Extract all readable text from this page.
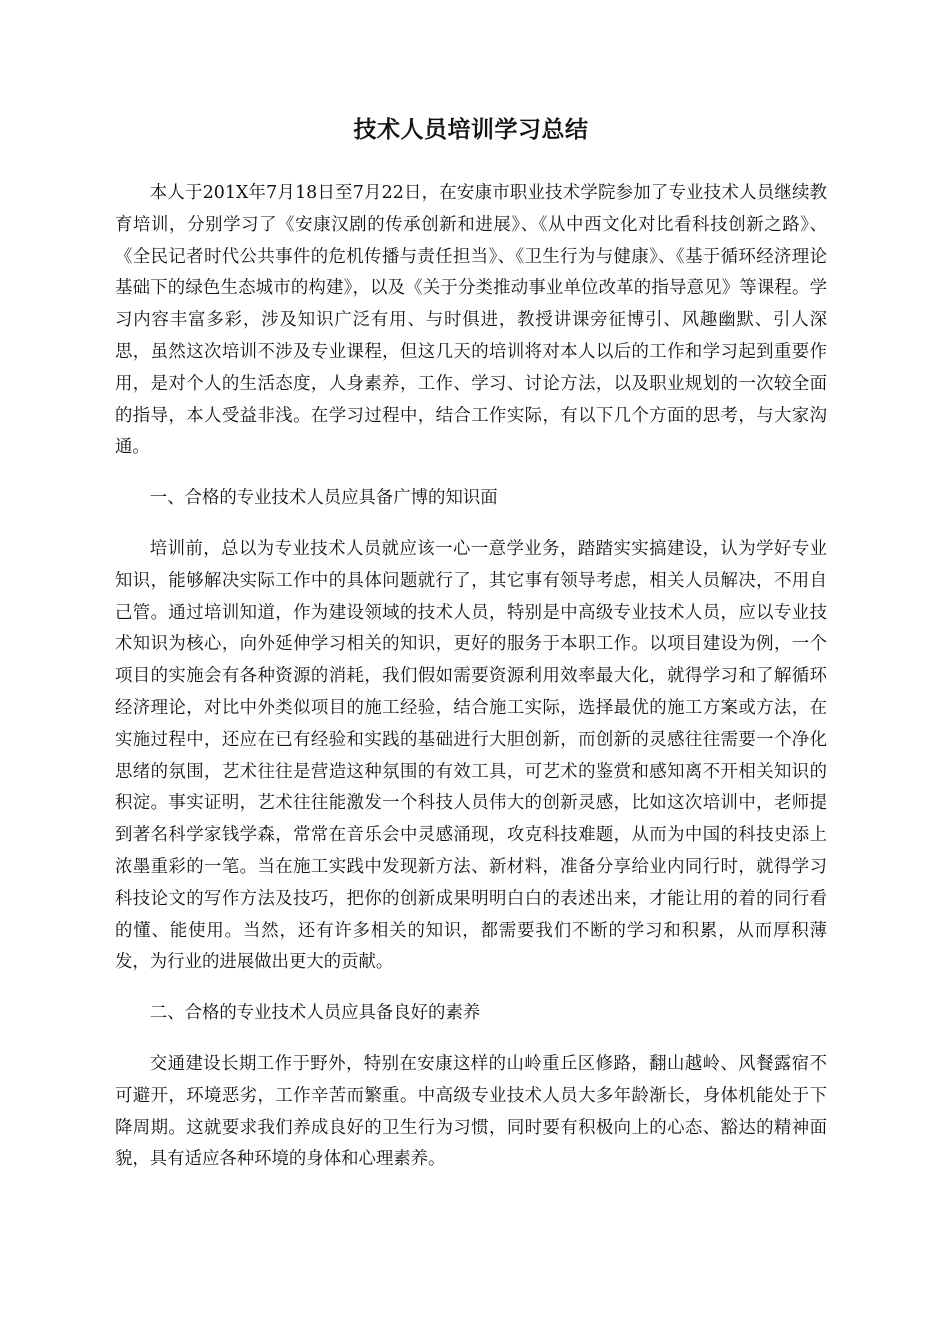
技术人员培训学习总结

本人于201X年7月18日至7月22日，在安康市职业技术学院参加了专业技术人员继续教育培训，分别学习了《安康汉剧的传承创新和进展》、《从中西文化对比看科技创新之路》、《全民记者时代公共事件的危机传播与责任担当》、《卫生行为与健康》、《基于循环经济理论基础下的绿色生态城市的构建》，以及《关于分类推动事业单位改革的指导意见》等课程。学习内容丰富多彩，涉及知识广泛有用、与时俱进，教授讲课旁征博引、风趣幽默、引人深思，虽然这次培训不涉及专业课程，但这几天的培训将对本人以后的工作和学习起到重要作用，是对个人的生活态度，人身素养，工作、学习、讨论方法，以及职业规划的一次较全面的指导，本人受益非浅。在学习过程中，结合工作实际，有以下几个方面的思考，与大家沟通。

一、合格的专业技术人员应具备广博的知识面

培训前，总以为专业技术人员就应该一心一意学业务，踏踏实实搞建设，认为学好专业知识，能够解决实际工作中的具体问题就行了，其它事有领导考虑，相关人员解决，不用自己管。通过培训知道，作为建设领域的技术人员，特别是中高级专业技术人员，应以专业技术知识为核心，向外延伸学习相关的知识，更好的服务于本职工作。以项目建设为例，一个项目的实施会有各种资源的消耗，我们假如需要资源利用效率最大化，就得学习和了解循环经济理论，对比中外类似项目的施工经验，结合施工实际，选择最优的施工方案或方法，在实施过程中，还应在已有经验和实践的基础进行大胆创新，而创新的灵感往往需要一个净化思绪的氛围，艺术往往是营造这种氛围的有效工具，可艺术的鉴赏和感知离不开相关知识的积淀。事实证明，艺术往往能激发一个科技人员伟大的创新灵感，比如这次培训中，老师提到著名科学家钱学森，常常在音乐会中灵感涌现，攻克科技难题，从而为中国的科技史添上浓墨重彩的一笔。当在施工实践中发现新方法、新材料，准备分享给业内同行时，就得学习科技论文的写作方法及技巧，把你的创新成果明明白白的表述出来，才能让用的着的同行看的懂、能使用。当然，还有许多相关的知识，都需要我们不断的学习和积累，从而厚积薄发，为行业的进展做出更大的贡献。

二、合格的专业技术人员应具备良好的素养

交通建设长期工作于野外，特别在安康这样的山岭重丘区修路，翻山越岭、风餐露宿不可避开，环境恶劣，工作辛苦而繁重。中高级专业技术人员大多年龄渐长，身体机能处于下降周期。这就要求我们养成良好的卫生行为习惯，同时要有积极向上的心态、豁达的精神面貌，具有适应各种环境的身体和心理素养。
